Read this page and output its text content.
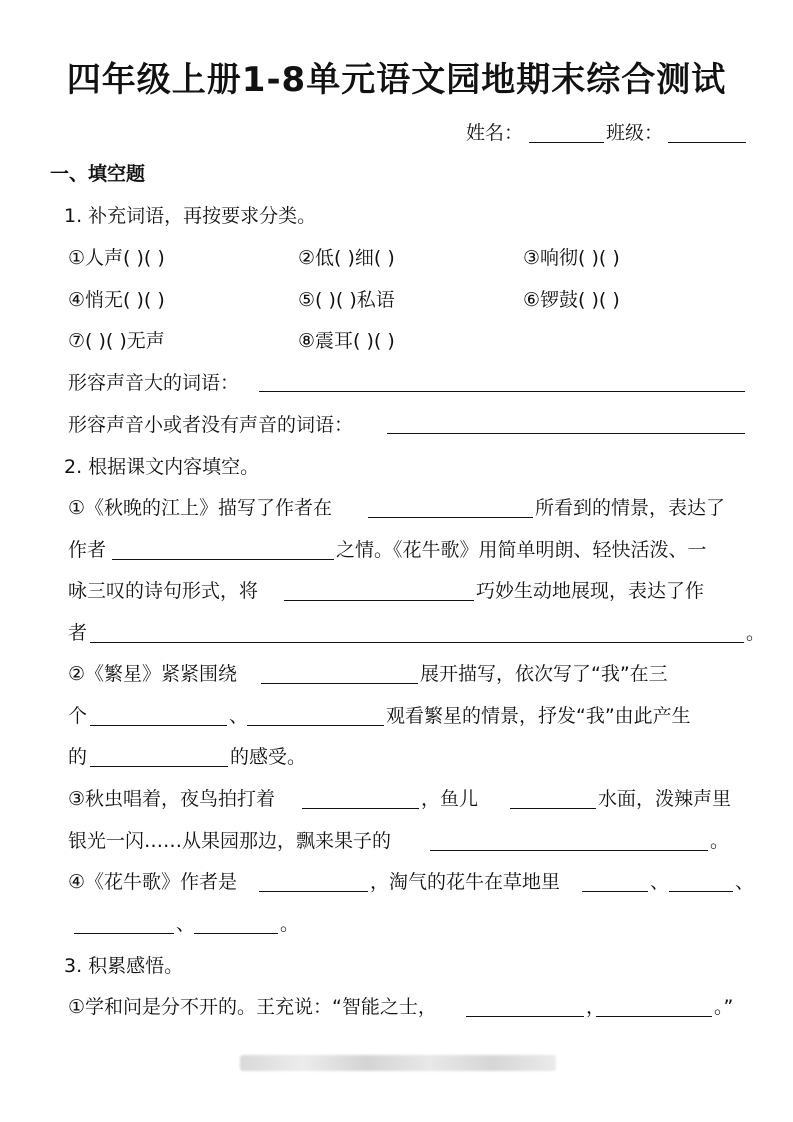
四年级上册1-8单元语文园地期末综合测试
姓名：	班级：
一、填空题
1. 补充词语，再按要求分类。
①人声( )( )	②低( )细( )	③响彻( )( )
④悄无( )( )	⑤( )( )私语	⑥锣鼓( )( )
⑦( )( )无声	⑧震耳( )( )
形容声音大的词语：
形容声音小或者没有声音的词语：
2. 根据课文内容填空。
①《秋晚的江上》描写了作者在	所看到的情景，表达了
作者	之情。《花牛歌》用简单明朗、轻快活泼、一
咏三叹的诗句形式，将	巧妙生动地展现，表达了作
者	。
②《繁星》紧紧围绕	展开描写，依次写了“我”在三
个	、	观看繁星的情景，抒发“我”由此产生
的	的感受。
③秋虫唱着，夜鸟拍打着	，鱼儿	水面，泼辣声里
银光一闪……从果园那边，飘来果子的	。
④《花牛歌》作者是	，淘气的花牛在草地里	、	、
、	。
3. 积累感悟。
①学和问是分不开的。王充说：“智能之士，	，	。”
